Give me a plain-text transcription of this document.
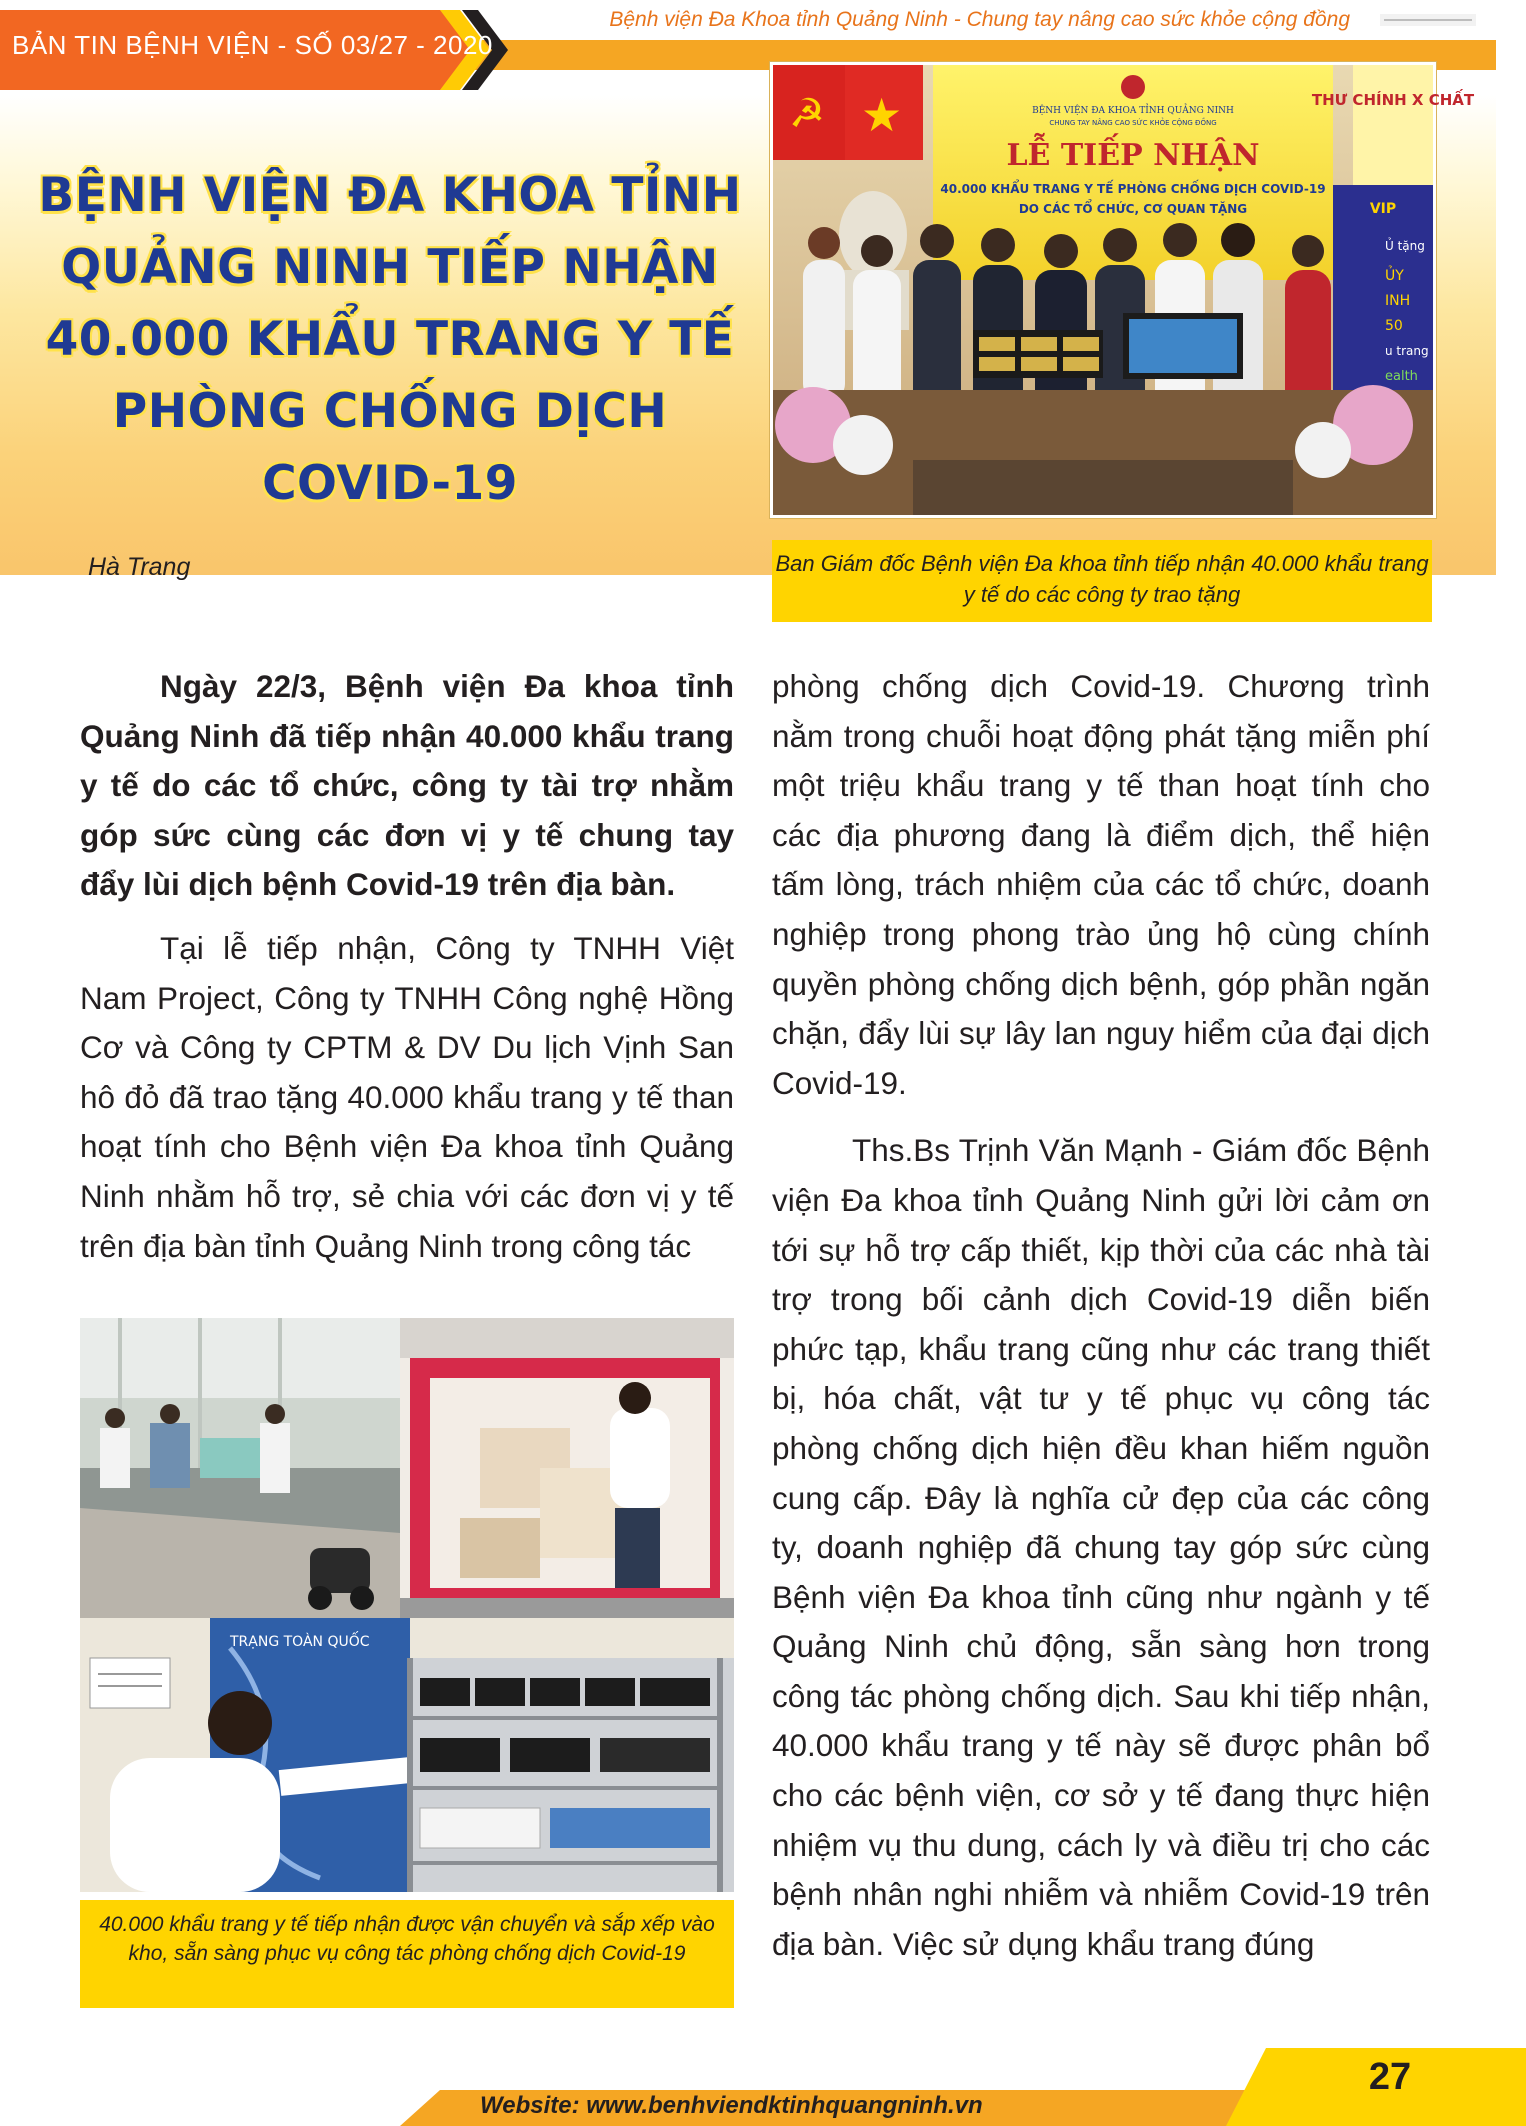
Bệnh viện Đa Khoa tỉnh Quảng Ninh - Chung tay nâng cao sức khỏe cộng đồng
BẢN TIN BỆNH VIỆN - SỐ 03/27 - 2020
BỆNH VIỆN ĐA KHOA TỈNH
QUẢNG NINH TIẾP NHẬN
40.000 KHẨU TRANG Y TẾ
PHÒNG CHỐNG DỊCH
COVID-19
Hà Trang
☭ ★	BỆNH VIỆN ĐA KHOA TỈNH QUẢNG NINH
CHUNG TAY NÂNG CAO SỨC KHỎE CỘNG ĐỒNG
LỄ TIẾP NHẬN
40.000 KHẨU TRANG Y TẾ PHÒNG CHỐNG DỊCH COVID-19
DO CÁC TỔ CHỨC, CƠ QUAN TẶNG
THƯ CHÍNH X CHẤT
VIP
Ủ tặng
ỦY
INH
50
u trang
ealth
Ban Giám đốc Bệnh viện Đa khoa tỉnh tiếp nhận 40.000 khẩu trang y tế do các công ty trao tặng

Ngày 22/3, Bệnh viện Đa khoa tỉnh Quảng Ninh đã tiếp nhận 40.000 khẩu trang y tế do các tổ chức, công ty tài trợ nhằm góp sức cùng các đơn vị y tế chung tay đẩy lùi dịch bệnh Covid-19 trên địa bàn.

Tại lễ tiếp nhận, Công ty TNHH Việt Nam Project, Công ty TNHH Công nghệ Hồng Cơ và Công ty CPTM & DV Du lịch Vịnh San hô đỏ đã trao tặng 40.000 khẩu trang y tế than hoạt tính cho Bệnh viện Đa khoa tỉnh Quảng Ninh nhằm hỗ trợ, sẻ chia với các đơn vị y tế trên địa bàn tỉnh Quảng Ninh trong công tác

TRẠNG TOÀN QUỐC
40.000 khẩu trang y tế tiếp nhận được vận chuyển và sắp xếp vào kho, sẵn sàng phục vụ công tác phòng chống dịch Covid-19

phòng chống dịch Covid-19. Chương trình nằm trong chuỗi hoạt động phát tặng miễn phí một triệu khẩu trang y tế than hoạt tính cho các địa phương đang là điểm dịch, thể hiện tấm lòng, trách nhiệm của các tổ chức, doanh nghiệp trong phong trào ủng hộ cùng chính quyền phòng chống dịch bệnh, góp phần ngăn chặn, đẩy lùi sự lây lan nguy hiểm của đại dịch Covid-19.

Ths.Bs Trịnh Văn Mạnh - Giám đốc Bệnh viện Đa khoa tỉnh Quảng Ninh gửi lời cảm ơn tới sự hỗ trợ cấp thiết, kịp thời của các nhà tài trợ trong bối cảnh dịch Covid-19 diễn biến phức tạp, khẩu trang cũng như các trang thiết bị, hóa chất, vật tư y tế phục vụ công tác phòng chống dịch hiện đều khan hiếm nguồn cung cấp. Đây là nghĩa cử đẹp của các công ty, doanh nghiệp đã chung tay góp sức cùng Bệnh viện Đa khoa tỉnh cũng như ngành y tế Quảng Ninh chủ động, sẵn sàng hơn trong công tác phòng chống dịch. Sau khi tiếp nhận, 40.000 khẩu trang y tế này sẽ được phân bổ cho các bệnh viện, cơ sở y tế đang thực hiện nhiệm vụ thu dung, cách ly và điều trị cho các bệnh nhân nghi nhiễm và nhiễm Covid-19 trên địa bàn. Việc sử dụng khẩu trang đúng

Website: www.benhviendktinhquangninh.vn
27
